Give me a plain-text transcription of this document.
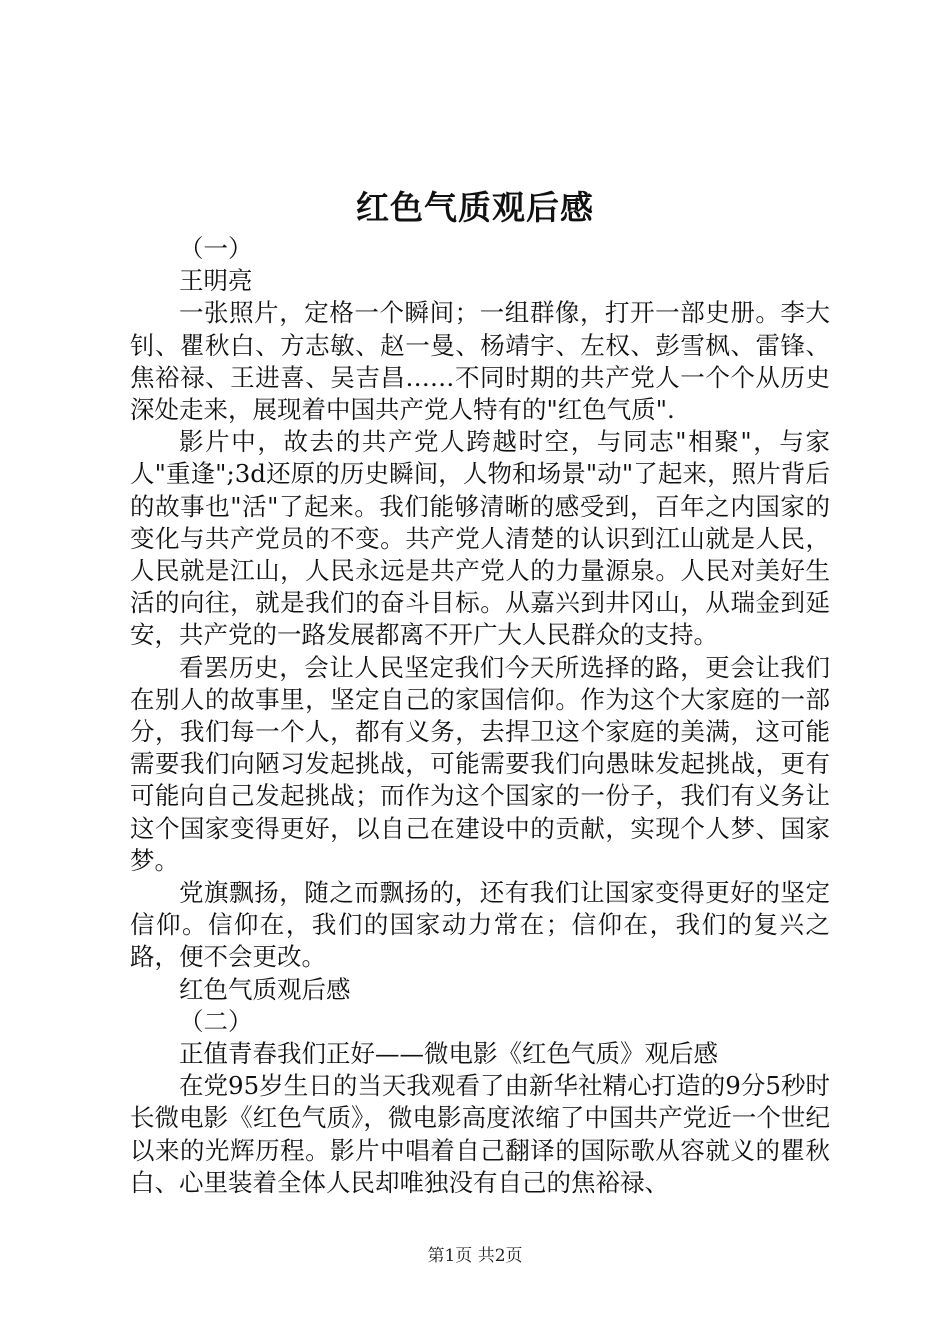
红色气质观后感

（一）

王明亮

一张照片，定格一个瞬间；一组群像，打开一部史册。李大钊、瞿秋白、方志敏、赵一曼、杨靖宇、左权、彭雪枫、雷锋、焦裕禄、王进喜、吴吉昌……不同时期的共产党人一个个从历史深处走来，展现着中国共产党人特有的"红色气质".

影片中，故去的共产党人跨越时空，与同志"相聚"，与家人"重逢";3d还原的历史瞬间，人物和场景"动"了起来，照片背后的故事也"活"了起来。我们能够清晰的感受到，百年之内国家的变化与共产党员的不变。共产党人清楚的认识到江山就是人民，人民就是江山，人民永远是共产党人的力量源泉。人民对美好生活的向往，就是我们的奋斗目标。从嘉兴到井冈山，从瑞金到延安，共产党的一路发展都离不开广大人民群众的支持。

看罢历史，会让人民坚定我们今天所选择的路，更会让我们在别人的故事里，坚定自己的家国信仰。作为这个大家庭的一部分，我们每一个人，都有义务，去捍卫这个家庭的美满，这可能需要我们向陋习发起挑战，可能需要我们向愚昧发起挑战，更有可能向自己发起挑战；而作为这个国家的一份子，我们有义务让这个国家变得更好，以自己在建设中的贡献，实现个人梦、国家梦。

党旗飘扬，随之而飘扬的，还有我们让国家变得更好的坚定信仰。信仰在，我们的国家动力常在；信仰在，我们的复兴之路，便不会更改。

红色气质观后感

（二）

正值青春我们正好——微电影《红色气质》观后感

在党95岁生日的当天我观看了由新华社精心打造的9分5秒时长微电影《红色气质》，微电影高度浓缩了中国共产党近一个世纪以来的光辉历程。影片中唱着自己翻译的国际歌从容就义的瞿秋白、心里装着全体人民却唯独没有自己的焦裕禄、

第1页 共2页
